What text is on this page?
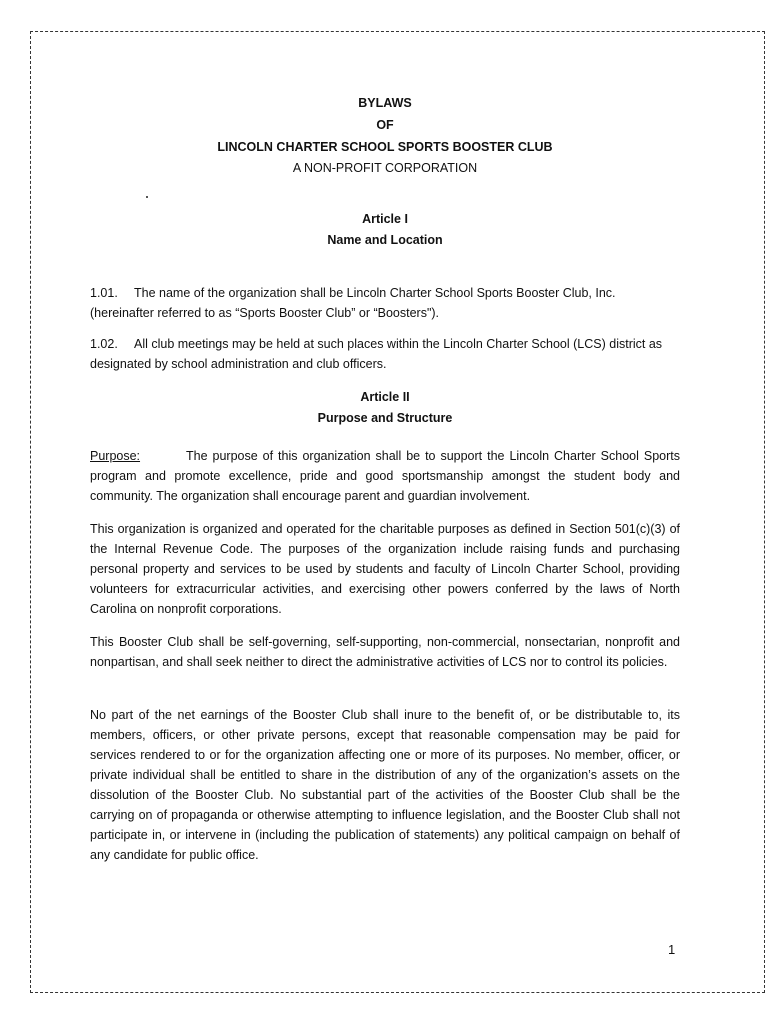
BYLAWS
OF
LINCOLN CHARTER SCHOOL SPORTS BOOSTER CLUB
A NON-PROFIT CORPORATION
Article I
Name and Location

1.01. The name of the organization shall be Lincoln Charter School Sports Booster Club, Inc. (hereinafter referred to as “Sports Booster Club” or “Boosters").

1.02. All club meetings may be held at such places within the Lincoln Charter School (LCS) district as designated by school administration and club officers.

Article II
Purpose and Structure

Purpose:	The purpose of this organization shall be to support the Lincoln Charter School Sports program and promote excellence, pride and good sportsmanship amongst the student body and community. The organization shall encourage parent and guardian involvement.

This organization is organized and operated for the charitable purposes as defined in Section 501(c)(3) of the Internal Revenue Code. The purposes of the organization include raising funds and purchasing personal property and services to be used by students and faculty of Lincoln Charter School, providing volunteers for extracurricular activities, and exercising other powers conferred by the laws of North Carolina on nonprofit corporations.

This Booster Club shall be self-governing, self-supporting, non-commercial, nonsectarian, nonprofit and nonpartisan, and shall seek neither to direct the administrative activities of LCS nor to control its policies.

No part of the net earnings of the Booster Club shall inure to the benefit of, or be distributable to, its members, officers, or other private persons, except that reasonable compensation may be paid for services rendered to or for the organization affecting one or more of its purposes. No member, officer, or private individual shall be entitled to share in the distribution of any of the organization’s assets on the dissolution of the Booster Club. No substantial part of the activities of the Booster Club shall be the carrying on of propaganda or otherwise attempting to influence legislation, and the Booster Club shall not participate in, or intervene in (including the publication of statements) any political campaign on behalf of any candidate for public office.

1
